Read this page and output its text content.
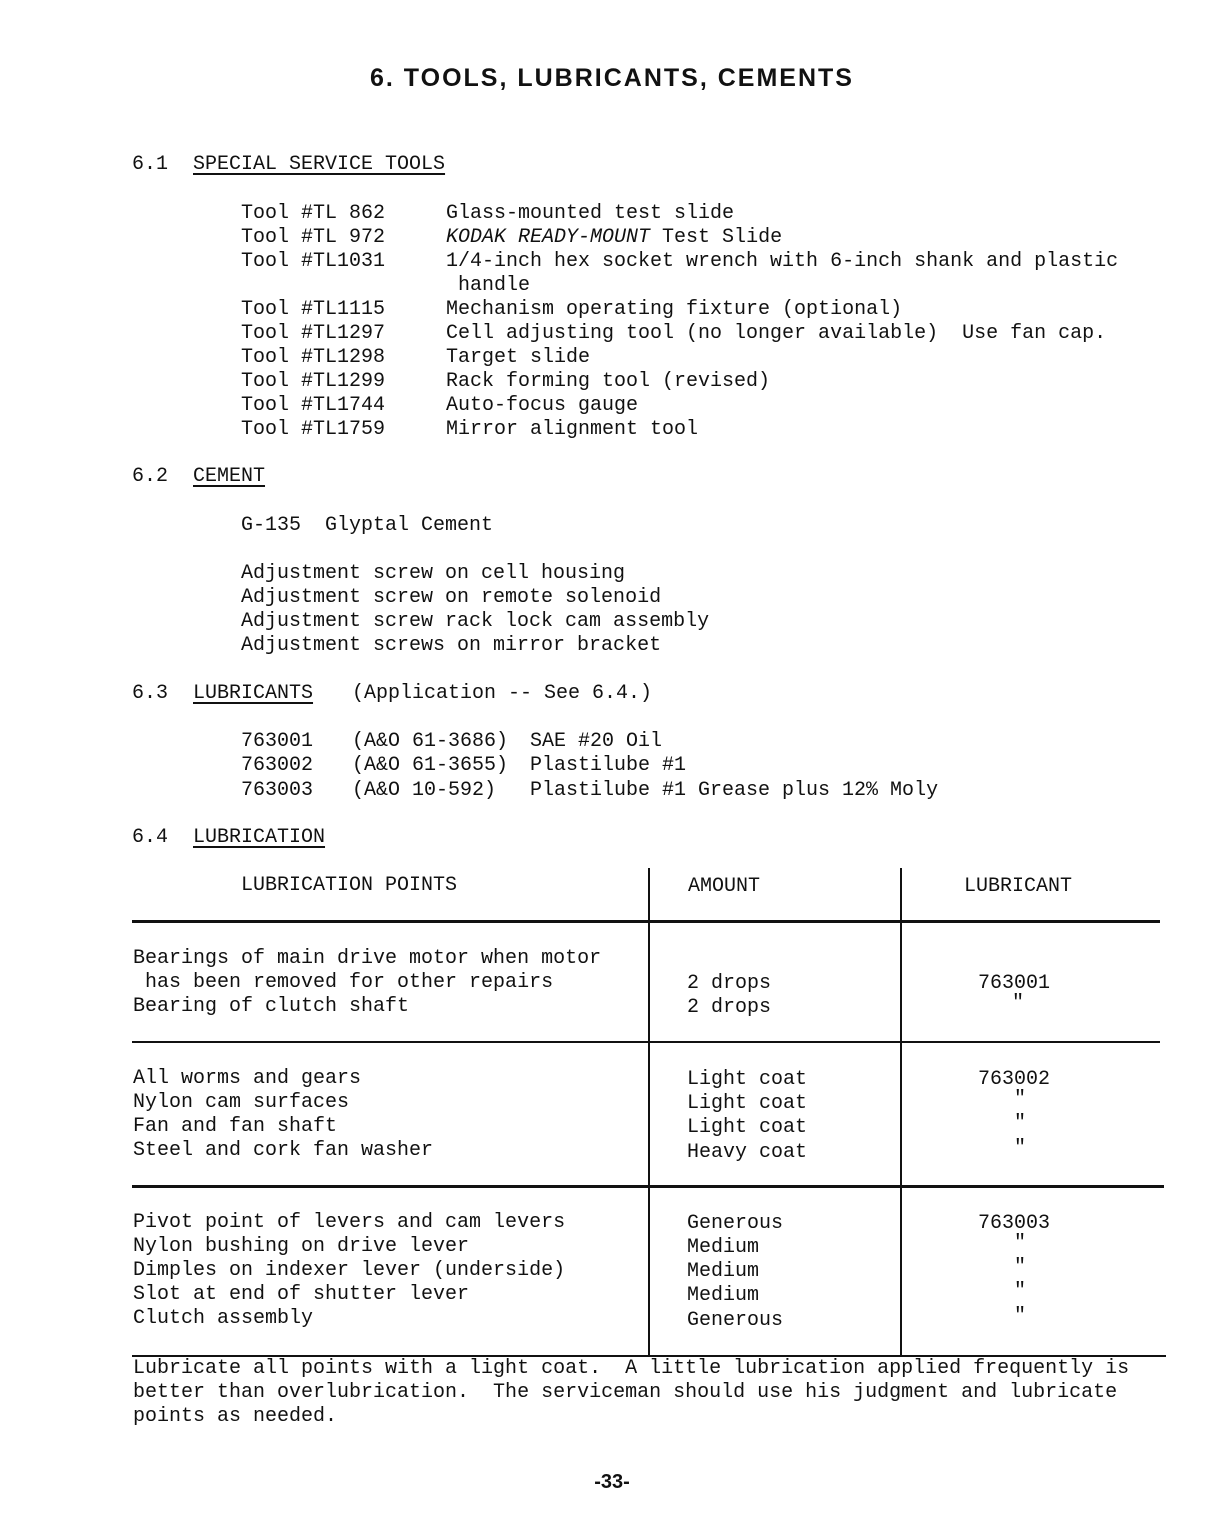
6. TOOLS, LUBRICANTS, CEMENTS
6.1 SPECIAL SERVICE TOOLS
Tool #TL 862	Glass-mounted test slide
Tool #TL 972	KODAK READY-MOUNT Test Slide
Tool #TL1031	1/4-inch hex socket wrench with 6-inch shank and plastic
handle
Tool #TL1115	Mechanism operating fixture (optional)
Tool #TL1297	Cell adjusting tool (no longer available)  Use fan cap.
Tool #TL1298	Target slide
Tool #TL1299	Rack forming tool (revised)
Tool #TL1744	Auto-focus gauge
Tool #TL1759	Mirror alignment tool
6.2 CEMENT
G-135  Glyptal Cement
Adjustment screw on cell housing
Adjustment screw on remote solenoid
Adjustment screw rack lock cam assembly
Adjustment screws on mirror bracket
6.3 LUBRICANTS (Application -- See 6.4.)
763001 (A&O 61-3686) SAE #20 Oil
763002 (A&O 61-3655) Plastilube #1
763003 (A&O 10-592) Plastilube #1 Grease plus 12% Moly
6.4 LUBRICATION
LUBRICATION POINTS	AMOUNT	LUBRICANT
Bearings of main drive motor when motor
has been removed for other repairs	2 drops	763001
Bearing of clutch shaft	2 drops	"
All worms and gears	Light coat	763002
Nylon cam surfaces	Light coat	"
Fan and fan shaft	Light coat	"
Steel and cork fan washer	Heavy coat	"
Pivot point of levers and cam levers	Generous	763003
Nylon bushing on drive lever	Medium	"
Dimples on indexer lever (underside)	Medium	"
Slot at end of shutter lever	Medium	"
Clutch assembly	Generous	"
Lubricate all points with a light coat.  A little lubrication applied frequently is
better than overlubrication.  The serviceman should use his judgment and lubricate
points as needed.
-33-
